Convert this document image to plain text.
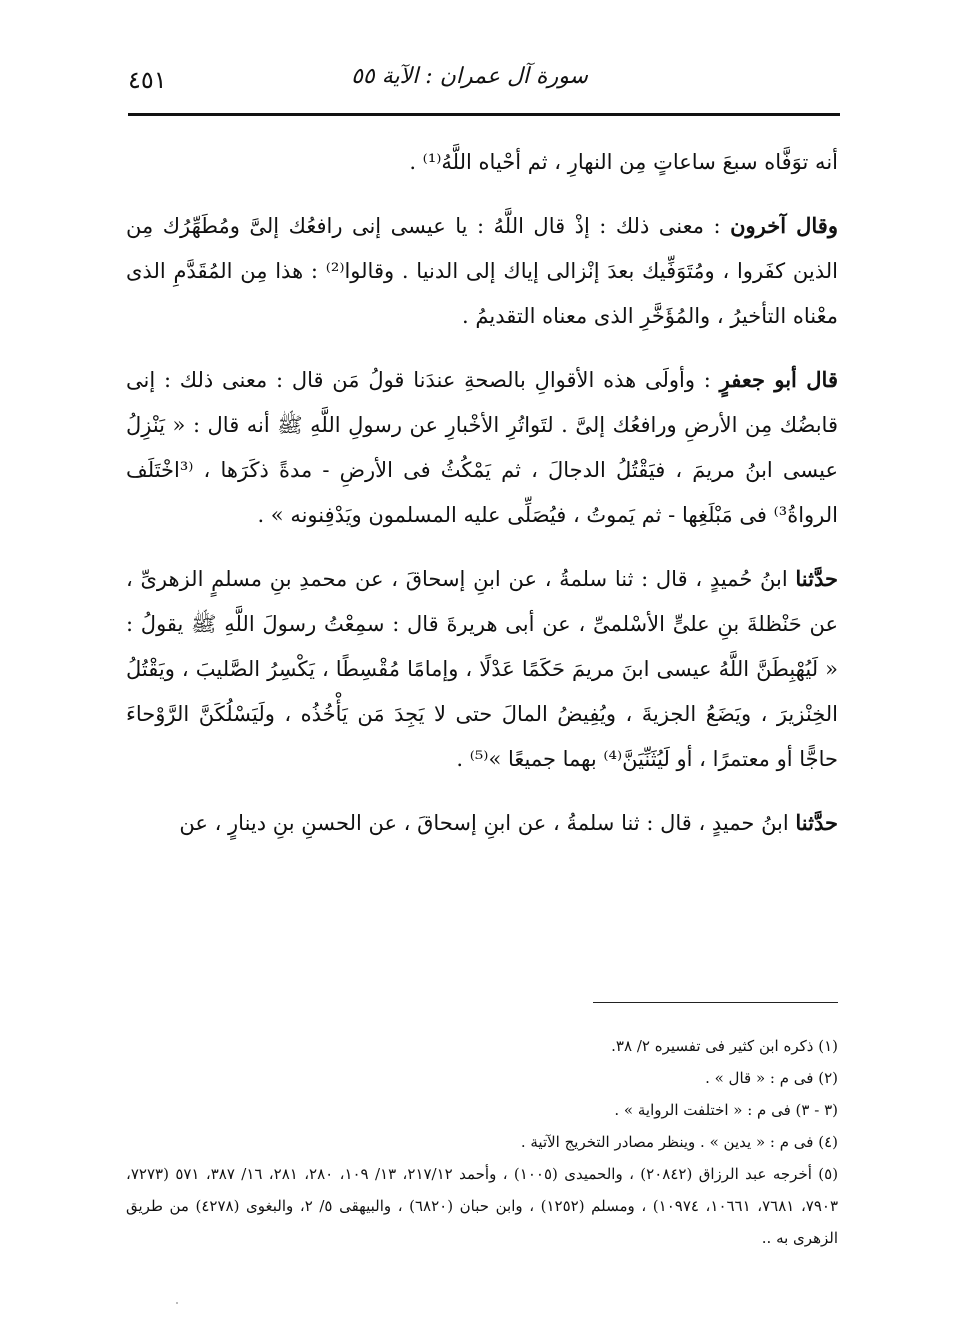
٤٥١	سورة آل عمران : الآية ٥٥

أنه توَفَّاه سبعَ ساعاتٍ مِن النهارِ ، ثم أحْياه اللَّهُ⁽¹⁾ .

وقال آخرون : معنى ذلك : إذْ قال اللَّهُ : يا عيسى إنى رافعُك إلىَّ ومُطَهِّرُك مِن الذين كفَروا ، ومُتَوَفِّيك بعدَ إنْزالى إياك إلى الدنيا . وقالوا⁽²⁾ : هذا مِن المُقَدَّمِ الذى معْناه التأخيرُ ، والمُؤَخَّرِ الذى معناه التقديمُ .

قال أبو جعفرٍ : وأولَى هذه الأقوالِ بالصحةِ عندَنا قولُ مَن قال : معنى ذلك : إنى قابضُك مِن الأرضِ ورافعُك إلىَّ . لتَواتُرِ الأخْبارِ عن رسولِ اللَّهِ ﷺ أنه قال : « يَنْزِلُ عيسى ابنُ مريمَ ، فيَقْتُلُ الدجالَ ، ثم يَمْكُثُ فى الأرضِ - مدةً ذكَرَها ، ⁽³اخْتَلَف الرواةُ³⁾ فى مَبْلَغِها - ثم يَموتُ ، فيُصَلِّى عليه المسلمون ويَدْفِنونه » .

حدَّثنا ابنُ حُميدٍ ، قال : ثنا سلمةُ ، عن ابنِ إسحاقَ ، عن محمدِ بنِ مسلمٍ الزهرىِّ ، عن حَنْظلةَ بنِ علىٍّ الأسْلمىِّ ، عن أبى هريرةَ قال : سمِعْتُ رسولَ اللَّهِ ﷺ يقولُ : « لَيُهْبِطَنَّ اللَّهُ عيسى ابنَ مريمَ حَكَمًا عَدْلًا ، وإمامًا مُقْسِطًا ، يَكْسِرُ الصَّليبَ ، ويَقْتُلُ الخِنْزيرَ ، ويَضَعُ الجزيةَ ، ويُفِيضُ المالَ حتى لا يَجِدَ مَن يَأْخُذُه ، ولَيَسْلُكَنَّ الرَّوْحاءَ حاجًّا أو معتمرًا ، أو لَيُثَنِّيَنَّ⁽⁴⁾ بهما جميعًا »⁽⁵⁾ .

حدَّثنا ابنُ حميدٍ ، قال : ثنا سلمةُ ، عن ابنِ إسحاقَ ، عن الحسنِ بنِ دينارٍ ، عن

(١) ذكره ابن كثير فى تفسيره ٢/ ٣٨.
(٢) فى م : « قال » .
(٣ - ٣) فى م : « اختلفت الرواية » .
(٤) فى م : « يدين » . وينظر مصادر التخريج الآتية .
(٥) أخرجه عبد الرزاق (٢٠٨٤٢) ، والحميدى (١٠٠٥) ، وأحمد ٢١٧/١٢، ١٣/ ١٠٩، ٢٨٠، ٢٨١، ١٦/ ٣٨٧، ٥٧١ (٧٢٧٣، ٧٩٠٣، ٧٦٨١، ١٠٦٦١، ١٠٩٧٤) ، ومسلم (١٢٥٢) ، وابن حبان (٦٨٢٠) ، والبيهقى ٥/ ٢، والبغوى (٤٢٧٨) من طريق الزهرى به ..
